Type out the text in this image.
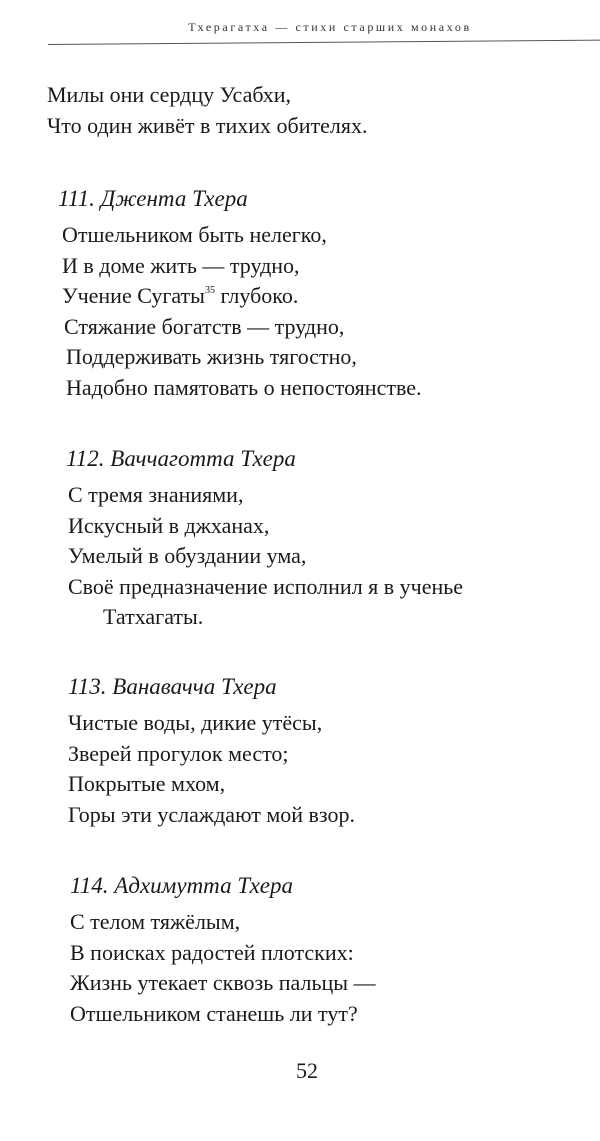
Тхерагатха — стихи старших монахов
Милы они сердцу Усабхи,
Что один живёт в тихих обителях.
111. Джента Тхера
Отшельником быть нелегко,
И в доме жить — трудно,
Учение Сугаты$^{35}$ глубоко.
Стяжание богатств — трудно,
Поддерживать жизнь тягостно,
Надобно памятовать о непостоянстве.
112. Ваччаготта Тхера
С тремя знаниями,
Искусный в джханах,
Умелый в обуздании ума,
Своё предназначение исполнил я в ученье
Татхагаты.
113. Ванавачча Тхера
Чистые воды, дикие утёсы,
Зверей прогулок место;
Покрытые мхом,
Горы эти услаждают мой взор.
114. Адхимутта Тхера
С телом тяжёлым,
В поисках радостей плотских:
Жизнь утекает сквозь пальцы —
Отшельником станешь ли тут?
52
